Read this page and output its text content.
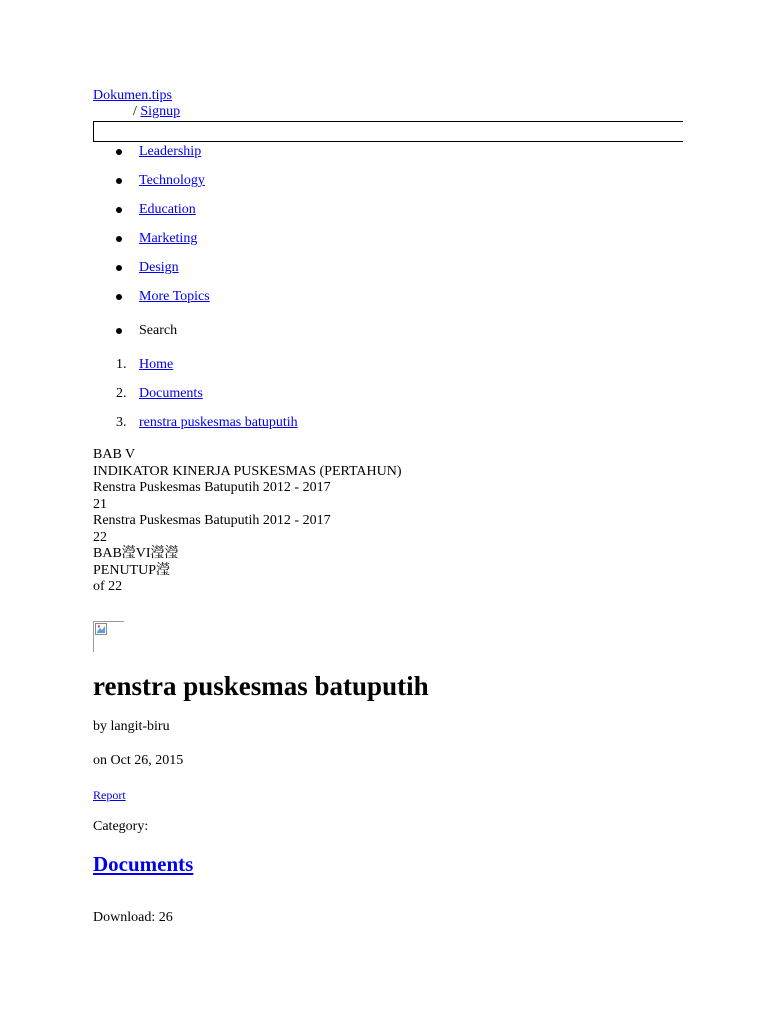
Dokumen.tips
/ Signup
Leadership
Technology
Education
Marketing
Design
More Topics
Search
1. Home
2. Documents
3. renstra puskesmas batuputih
BAB V
INDIKATOR KINERJA PUSKESMAS (PERTAHUN)
Renstra Puskesmas Batuputih 2012 - 2017
21
Renstra Puskesmas Batuputih 2012 - 2017
22
BAB瀅VI瀅瀅
PENUTUP瀅
of 22
renstra puskesmas batuputih
by langit-biru
on Oct 26, 2015
Report
Category:
Documents
Download: 26
